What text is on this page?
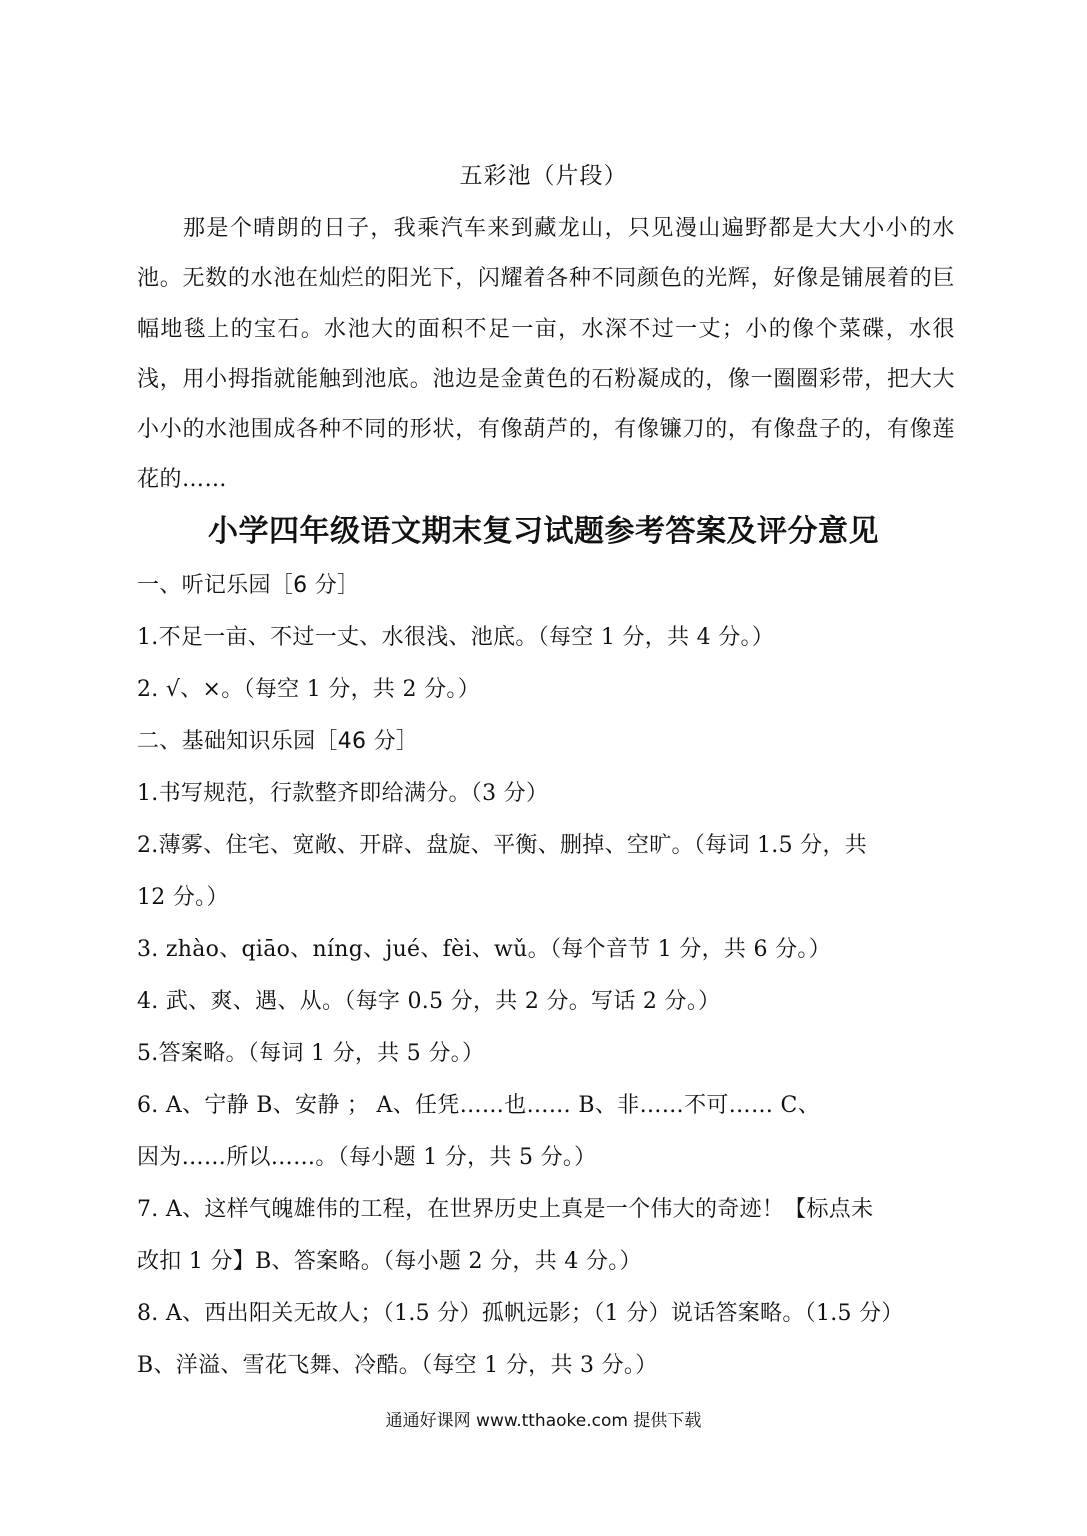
五彩池（片段）

那是个晴朗的日子，我乘汽车来到藏龙山，只见漫山遍野都是大大小小的水池。无数的水池在灿烂的阳光下，闪耀着各种不同颜色的光辉，好像是铺展着的巨幅地毯上的宝石。水池大的面积不足一亩，水深不过一丈；小的像个菜碟，水很浅，用小拇指就能触到池底。池边是金黄色的石粉凝成的，像一圈圈彩带，把大大小小的水池围成各种不同的形状，有像葫芦的，有像镰刀的，有像盘子的，有像莲花的……

小学四年级语文期末复习试题参考答案及评分意见
一、听记乐园［6 分］
1.不足一亩、不过一丈、水很浅、池底。（每空 1 分，共 4 分。）
2. √、×。（每空 1 分，共 2 分。）
二、基础知识乐园［46 分］
1.书写规范，行款整齐即给满分。（3 分）
2.薄雾、住宅、宽敞、开辟、盘旋、平衡、删掉、空旷。（每词 1.5 分，共
12 分。）
3. zhào、qiāo、níng、jué、fèi、wǔ。（每个音节 1 分，共 6 分。）
4. 武、爽、遇、从。（每字 0.5 分，共 2 分。写话 2 分。）
5.答案略。（每词 1 分，共 5 分。）
6. A、宁静 B、安静 ； A、任凭……也…… B、非……不可…… C、
因为……所以……。（每小题 1 分，共 5 分。）
7. A、这样气魄雄伟的工程，在世界历史上真是一个伟大的奇迹！【标点未
改扣 1 分】B、答案略。（每小题 2 分，共 4 分。）
8. A、西出阳关无故人；（1.5 分）孤帆远影；（1 分）说话答案略。（1.5 分）
B、洋溢、雪花飞舞、冷酷。（每空 1 分，共 3 分。）
通通好课网 www.tthaoke.com 提供下载
